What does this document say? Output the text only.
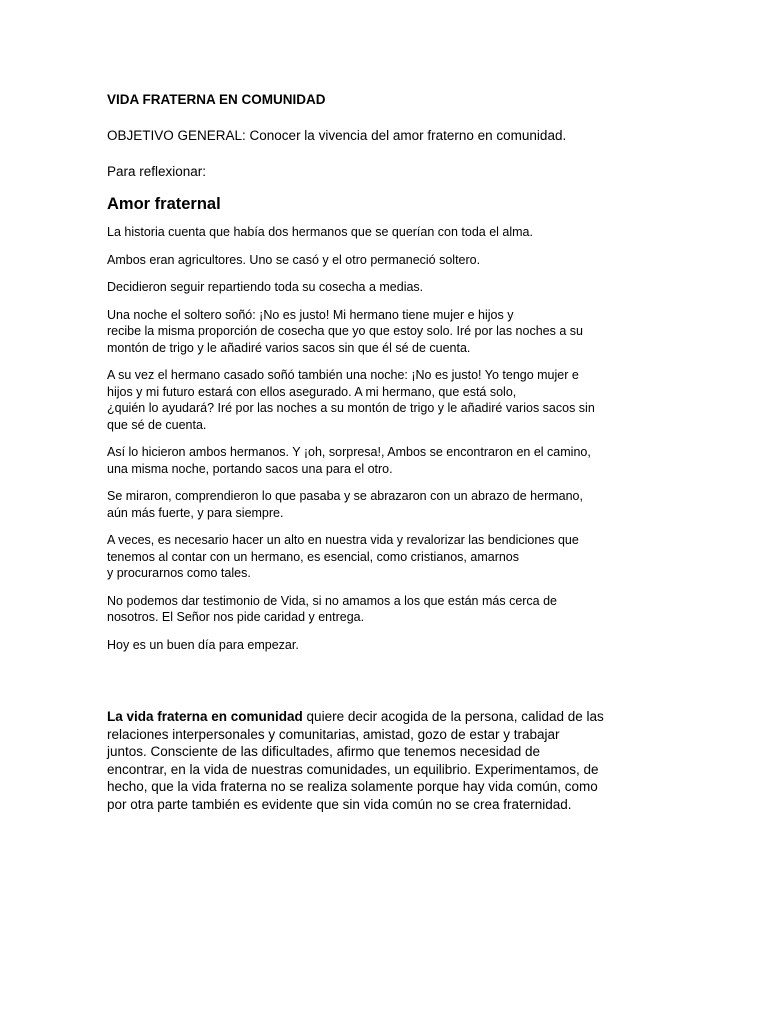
VIDA FRATERNA EN COMUNIDAD
OBJETIVO GENERAL: Conocer la vivencia del amor fraterno en comunidad.
Para reflexionar:
Amor fraternal

La historia cuenta que había dos hermanos que se querían con toda el alma.

Ambos eran agricultores. Uno se casó y el otro permaneció soltero.

Decidieron seguir repartiendo toda su cosecha a medias.

Una noche el soltero soñó: ¡No es justo! Mi hermano tiene mujer e hijos y
recibe la misma proporción de cosecha que yo que estoy solo. Iré por las noches a su
montón de trigo y le añadiré varios sacos sin que él sé de cuenta.

A su vez el hermano casado soñó también una noche: ¡No es justo! Yo tengo mujer e
hijos y mi futuro estará con ellos asegurado. A mi hermano, que está solo,
¿quién lo ayudará? Iré por las noches a su montón de trigo y le añadiré varios sacos sin
que sé de cuenta.

Así lo hicieron ambos hermanos. Y ¡oh, sorpresa!, Ambos se encontraron en el camino,
una misma noche, portando sacos una para el otro.

Se miraron, comprendieron lo que pasaba y se abrazaron con un abrazo de hermano,
aún más fuerte, y para siempre.

A veces, es necesario hacer un alto en nuestra vida y revalorizar las bendiciones que
tenemos al contar con un hermano, es esencial, como cristianos, amarnos
y procurarnos como tales.

No podemos dar testimonio de Vida, si no amamos a los que están más cerca de
nosotros. El Señor nos pide caridad y entrega.

Hoy es un buen día para empezar.

La vida fraterna en comunidad quiere decir acogida de la persona, calidad de las
relaciones interpersonales y comunitarias, amistad, gozo de estar y trabajar
juntos. Consciente de las dificultades, afirmo que tenemos necesidad de
encontrar, en la vida de nuestras comunidades, un equilibrio. Experimentamos, de
hecho, que la vida fraterna no se realiza solamente porque hay vida común, como
por otra parte también es evidente que sin vida común no se crea fraternidad.
